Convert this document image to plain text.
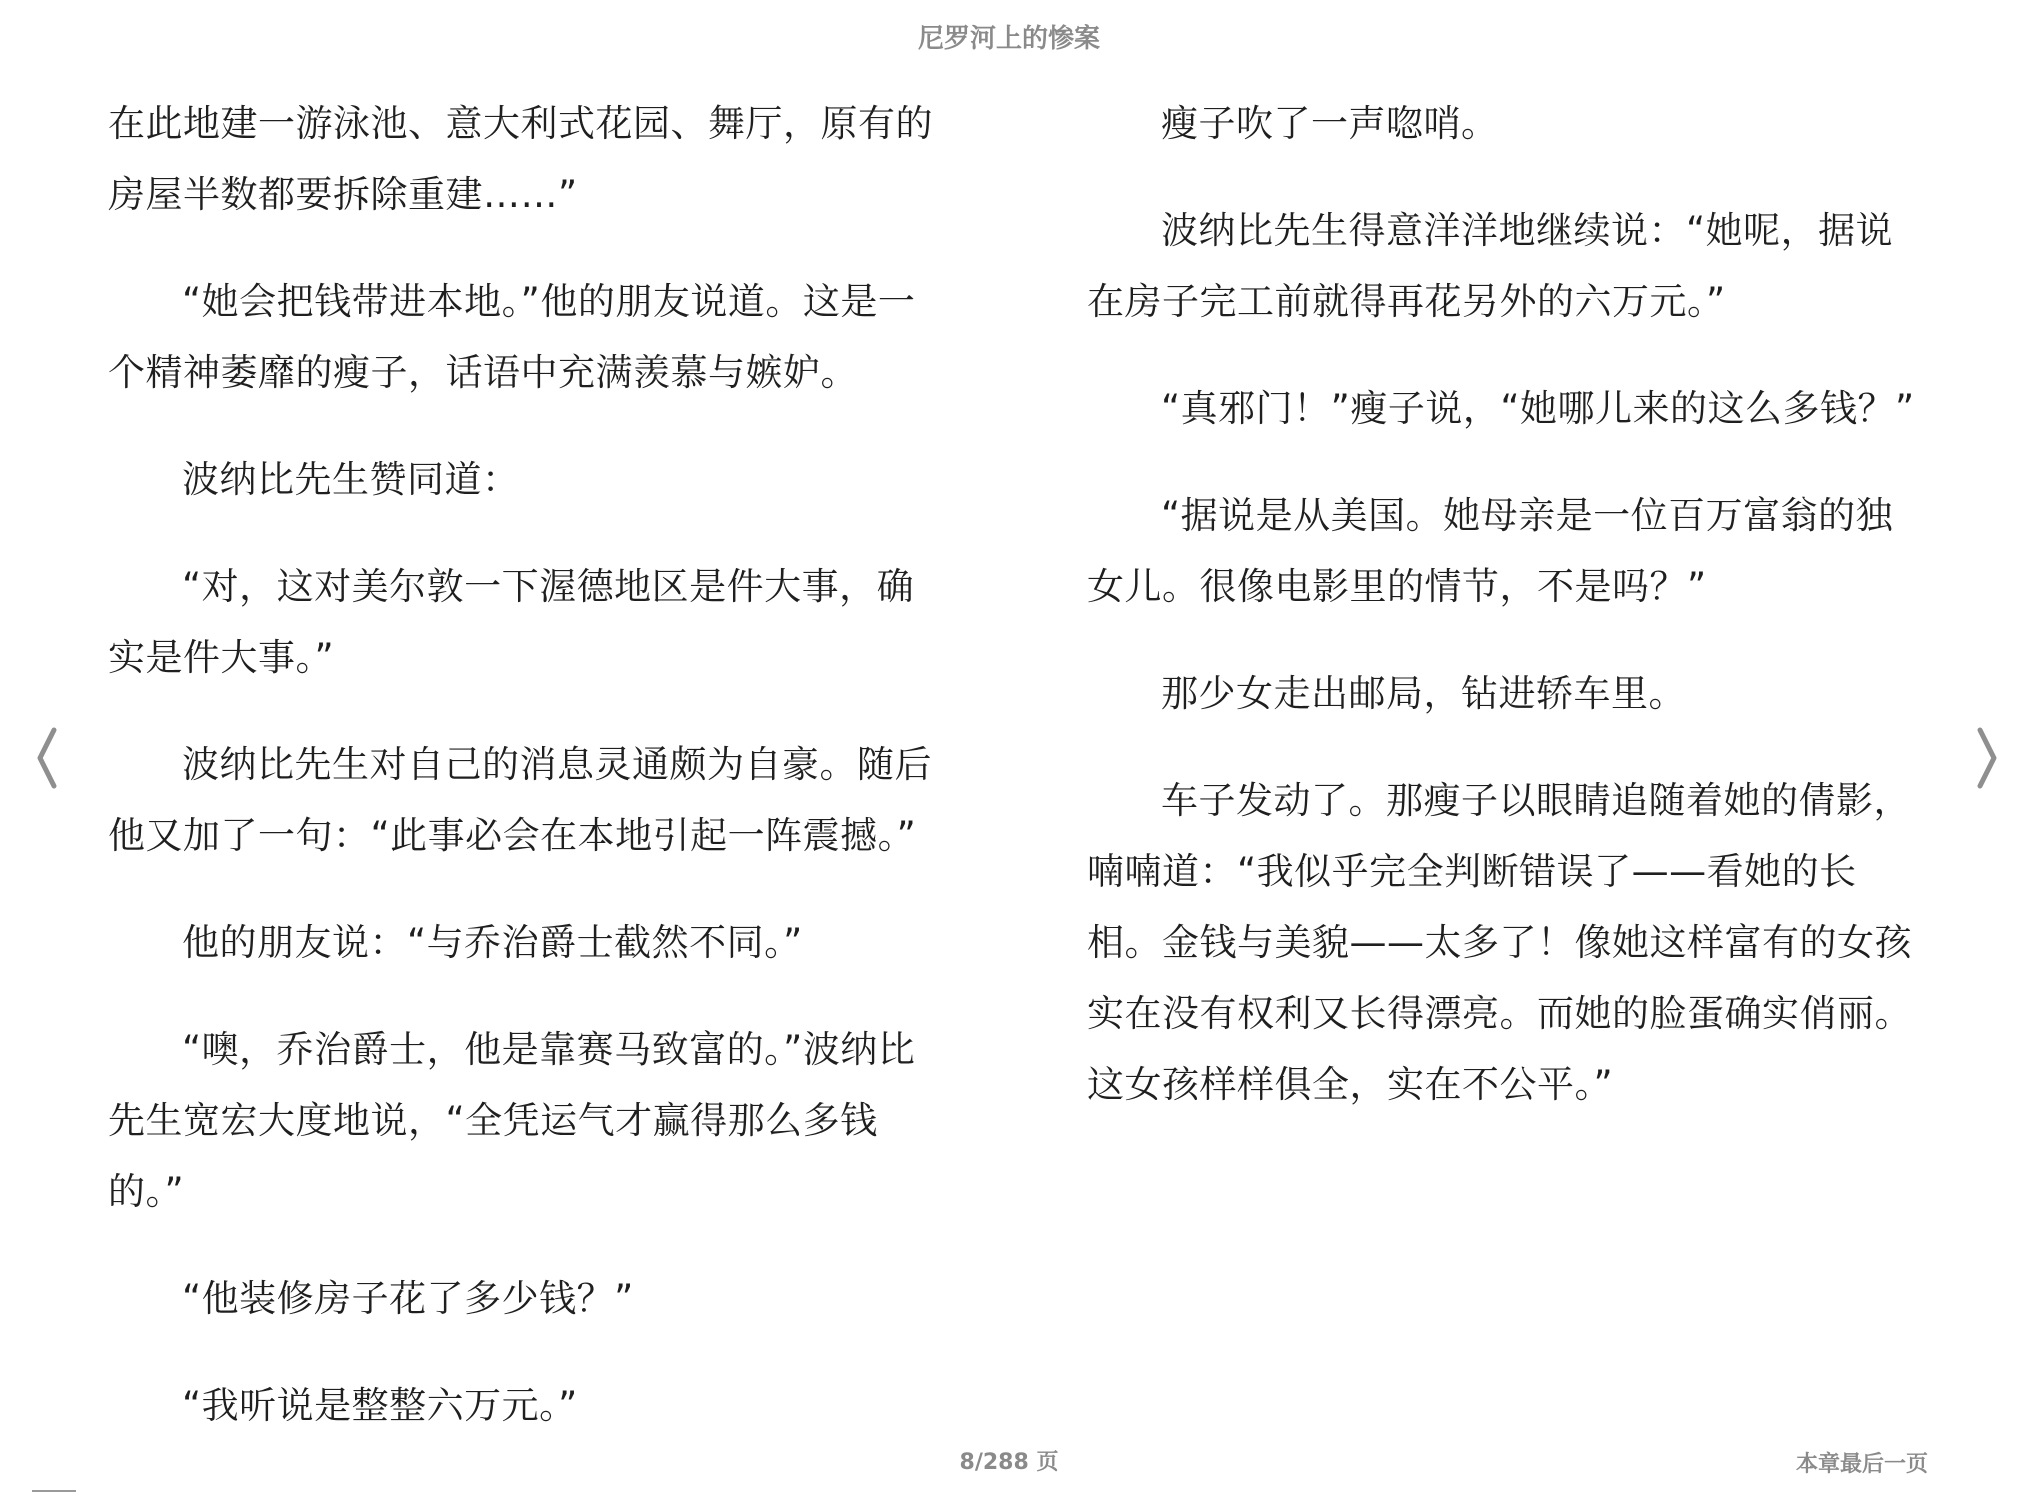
尼罗河上的惨案

在此地建一游泳池、意大利式花园、舞厅，原有的房屋半数都要拆除重建……”

“她会把钱带进本地。”他的朋友说道。这是一个精神萎靡的瘦子，话语中充满羡慕与嫉妒。

波纳比先生赞同道：

“对，这对美尔敦一下渥德地区是件大事，确实是件大事。”

波纳比先生对自己的消息灵通颇为自豪。随后他又加了一句：“此事必会在本地引起一阵震撼。”

他的朋友说：“与乔治爵士截然不同。”

“噢，乔治爵士，他是靠赛马致富的。”波纳比先生宽宏大度地说，“全凭运气才赢得那么多钱的。”

“他装修房子花了多少钱？”

“我听说是整整六万元。”

瘦子吹了一声唿哨。

波纳比先生得意洋洋地继续说：“她呢，据说在房子完工前就得再花另外的六万元。”

“真邪门！”瘦子说，“她哪儿来的这么多钱？”

“据说是从美国。她母亲是一位百万富翁的独女儿。很像电影里的情节，不是吗？”

那少女走出邮局，钻进轿车里。

车子发动了。那瘦子以眼睛追随着她的倩影，喃喃道：“我似乎完全判断错误了——看她的长相。金钱与美貌——太多了！像她这样富有的女孩实在没有权利又长得漂亮。而她的脸蛋确实俏丽。这女孩样样俱全，实在不公平。”

8/288 页	本章最后一页
